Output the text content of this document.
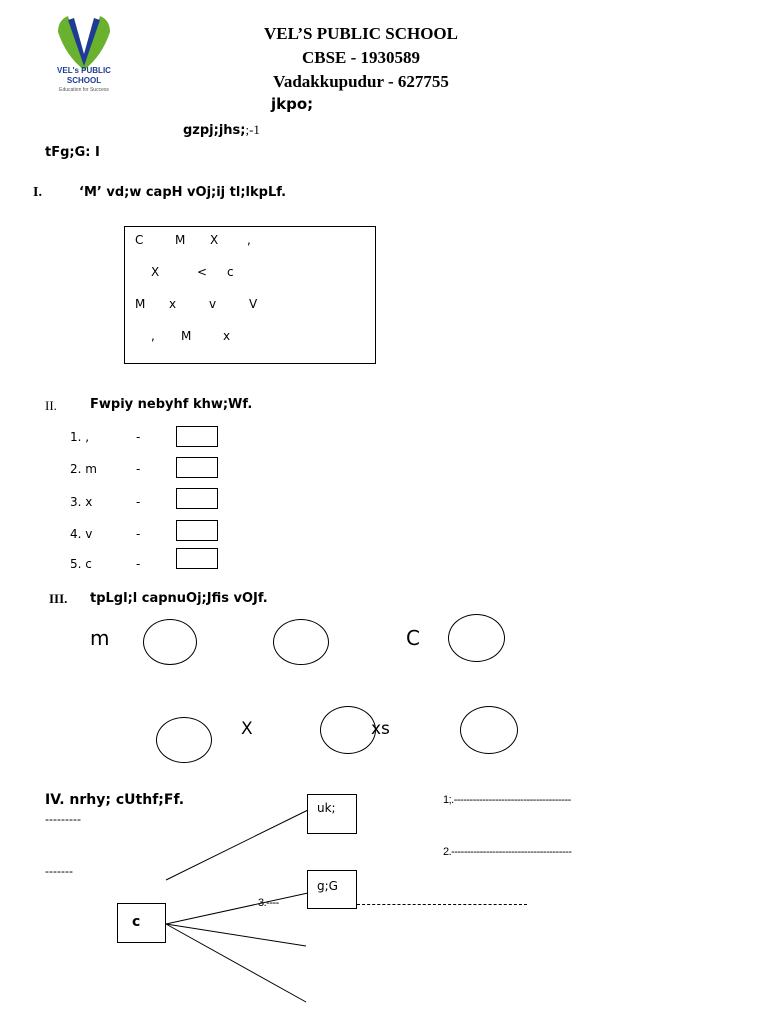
VEL's PUBLIC
SCHOOL
Education for Success
VEL’S PUBLIC SCHOOL
CBSE - 1930589
Vadakkupudur - 627755
jkpo;
gzpj;jhs;;-1
tFg;G: I
I.	‘M’ vd;w capH vOj;ij tl;lkpLf.
C	M X ,
X	< c
M x	v	V
, M	x
II.	Fwpiy nebyhf khw;Wf.
1. ,	-
2. m	-
3. x	-
4. v	-
5. c	-
III. tpLgl;l capnuOj;Jfis vOJf.
m	C
X	xs
IV. nrhy; cUthf;Ff.
---------
-------
uk;
g;G
c
1;.-------------------------------------
2.--------------------------------------
3.----
